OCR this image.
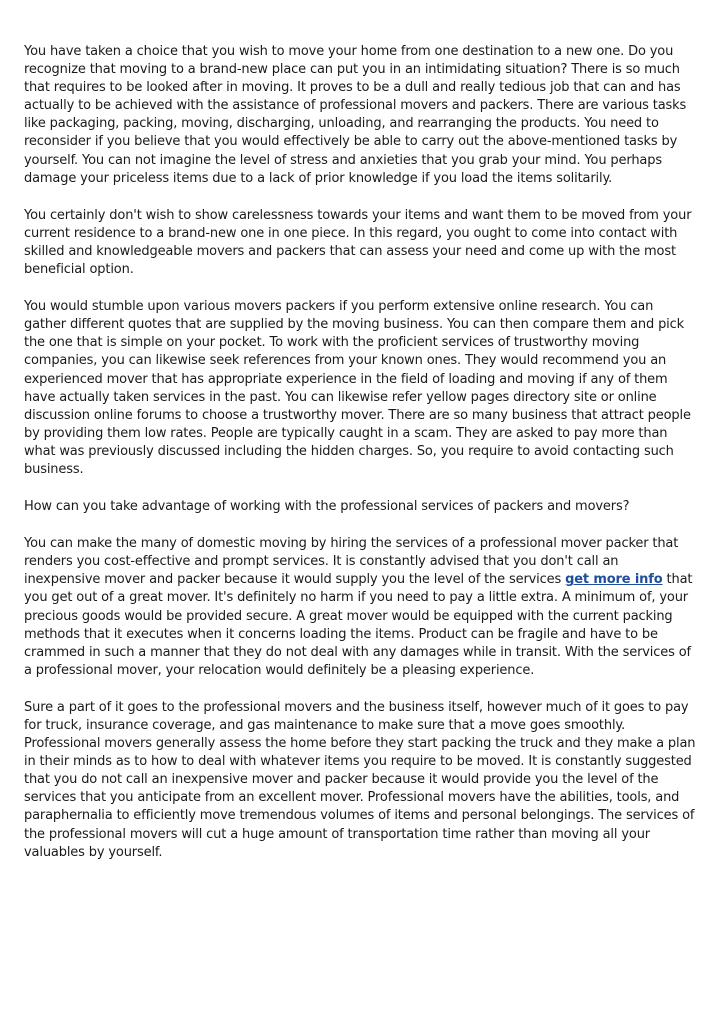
You have taken a choice that you wish to move your home from one destination to a new one. Do you recognize that moving to a brand-new place can put you in an intimidating situation? There is so much that requires to be looked after in moving. It proves to be a dull and really tedious job that can and has actually to be achieved with the assistance of professional movers and packers. There are various tasks like packaging, packing, moving, discharging, unloading, and rearranging the products. You need to reconsider if you believe that you would effectively be able to carry out the above-mentioned tasks by yourself. You can not imagine the level of stress and anxieties that you grab your mind. You perhaps damage your priceless items due to a lack of prior knowledge if you load the items solitarily.

You certainly don't wish to show carelessness towards your items and want them to be moved from your current residence to a brand-new one in one piece. In this regard, you ought to come into contact with skilled and knowledgeable movers and packers that can assess your need and come up with the most beneficial option.

You would stumble upon various movers packers if you perform extensive online research. You can gather different quotes that are supplied by the moving business. You can then compare them and pick the one that is simple on your pocket. To work with the proficient services of trustworthy moving companies, you can likewise seek references from your known ones. They would recommend you an experienced mover that has appropriate experience in the field of loading and moving if any of them have actually taken services in the past. You can likewise refer yellow pages directory site or online discussion online forums to choose a trustworthy mover. There are so many business that attract people by providing them low rates. People are typically caught in a scam. They are asked to pay more than what was previously discussed including the hidden charges. So, you require to avoid contacting such business.

How can you take advantage of working with the professional services of packers and movers?

You can make the many of domestic moving by hiring the services of a professional mover packer that renders you cost-effective and prompt services. It is constantly advised that you don't call an inexpensive mover and packer because it would supply you the level of the services get more info that you get out of a great mover. It's definitely no harm if you need to pay a little extra. A minimum of, your precious goods would be provided secure. A great mover would be equipped with the current packing methods that it executes when it concerns loading the items. Product can be fragile and have to be crammed in such a manner that they do not deal with any damages while in transit. With the services of a professional mover, your relocation would definitely be a pleasing experience.

Sure a part of it goes to the professional movers and the business itself, however much of it goes to pay for truck, insurance coverage, and gas maintenance to make sure that a move goes smoothly. Professional movers generally assess the home before they start packing the truck and they make a plan in their minds as to how to deal with whatever items you require to be moved. It is constantly suggested that you do not call an inexpensive mover and packer because it would provide you the level of the services that you anticipate from an excellent mover. Professional movers have the abilities, tools, and paraphernalia to efficiently move tremendous volumes of items and personal belongings. The services of the professional movers will cut a huge amount of transportation time rather than moving all your valuables by yourself.
